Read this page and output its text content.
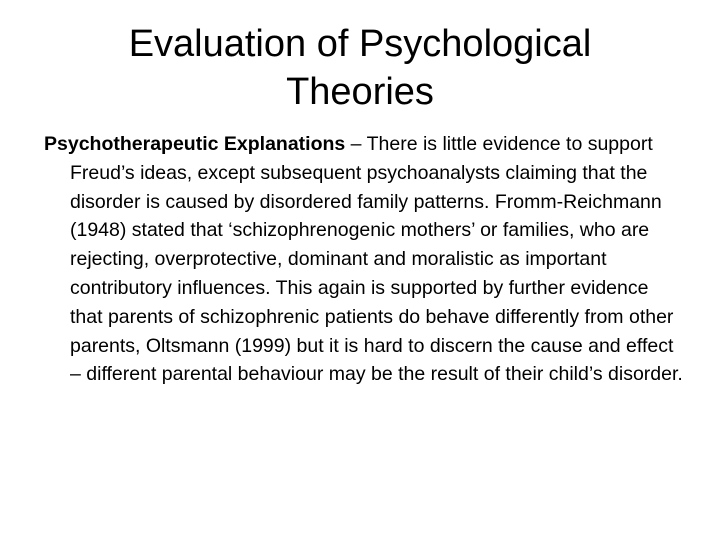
Evaluation of Psychological
Theories

Psychotherapeutic Explanations – There is little evidence to support Freud’s ideas, except subsequent psychoanalysts claiming that the disorder is caused by disordered family patterns. Fromm-Reichmann (1948) stated that ‘schizophrenogenic mothers’ or families, who are rejecting, overprotective, dominant and moralistic as important contributory influences. This again is supported by further evidence that parents of schizophrenic patients do behave differently from other parents, Oltsmann (1999) but it is hard to discern the cause and effect – different parental behaviour may be the result of their child’s disorder.
